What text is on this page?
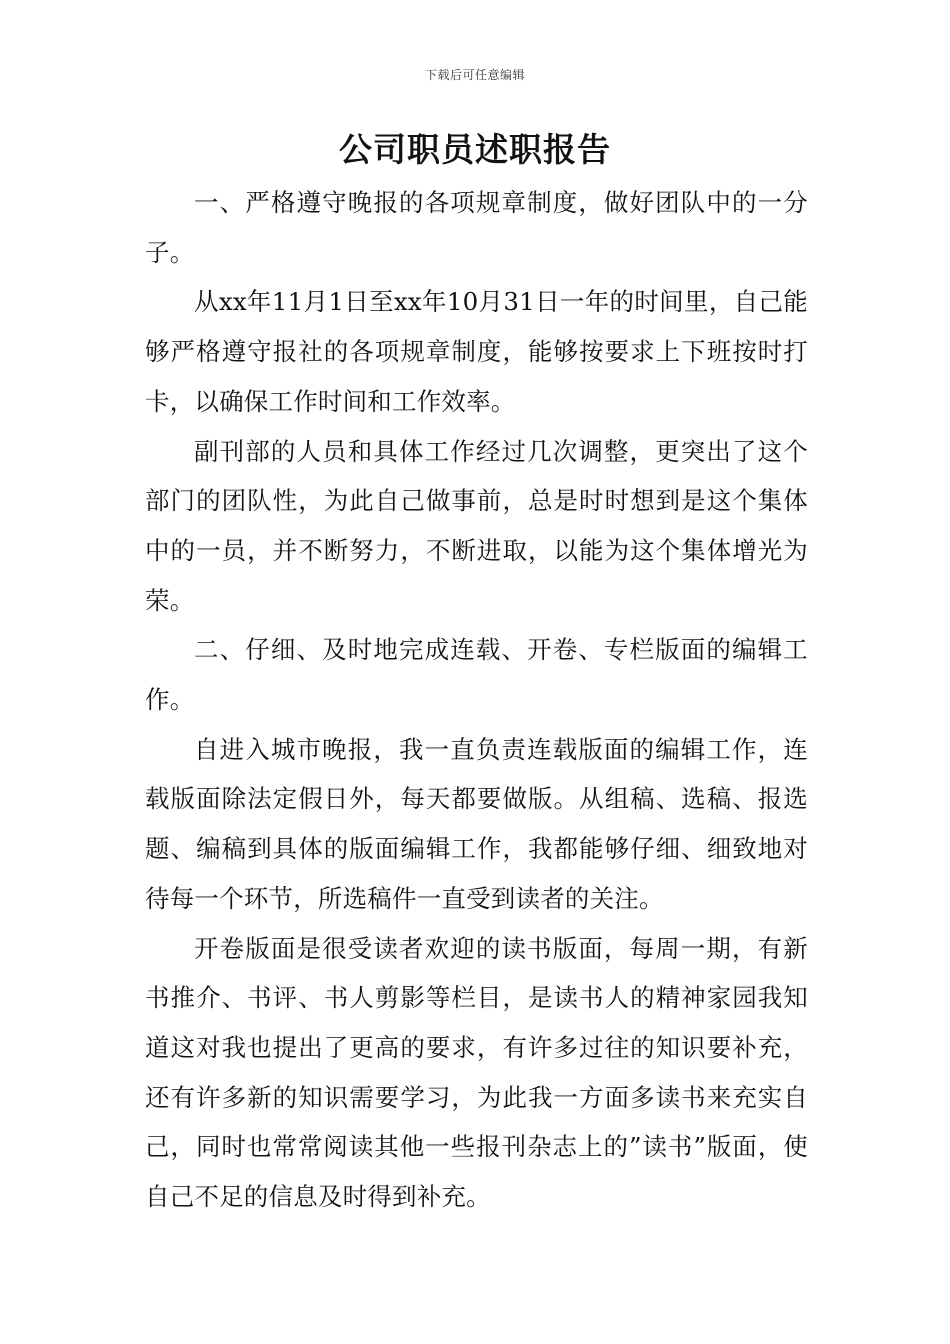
下载后可任意编辑
公司职员述职报告

一、严格遵守晚报的各项规章制度，做好团队中的一分子。

从xx年11月1日至xx年10月31日一年的时间里，自己能够严格遵守报社的各项规章制度，能够按要求上下班按时打卡，以确保工作时间和工作效率。

副刊部的人员和具体工作经过几次调整，更突出了这个部门的团队性，为此自己做事前，总是时时想到是这个集体中的一员，并不断努力，不断进取，以能为这个集体增光为荣。

二、仔细、及时地完成连载、开卷、专栏版面的编辑工作。

自进入城市晚报，我一直负责连载版面的编辑工作，连载版面除法定假日外，每天都要做版。从组稿、选稿、报选题、编稿到具体的版面编辑工作，我都能够仔细、细致地对待每一个环节，所选稿件一直受到读者的关注。

开卷版面是很受读者欢迎的读书版面，每周一期，有新书推介、书评、书人剪影等栏目，是读书人的精神家园我知道这对我也提出了更高的要求，有许多过往的知识要补充，还有许多新的知识需要学习，为此我一方面多读书来充实自己，同时也常常阅读其他一些报刊杂志上的”读书”版面，使自己不足的信息及时得到补充。
